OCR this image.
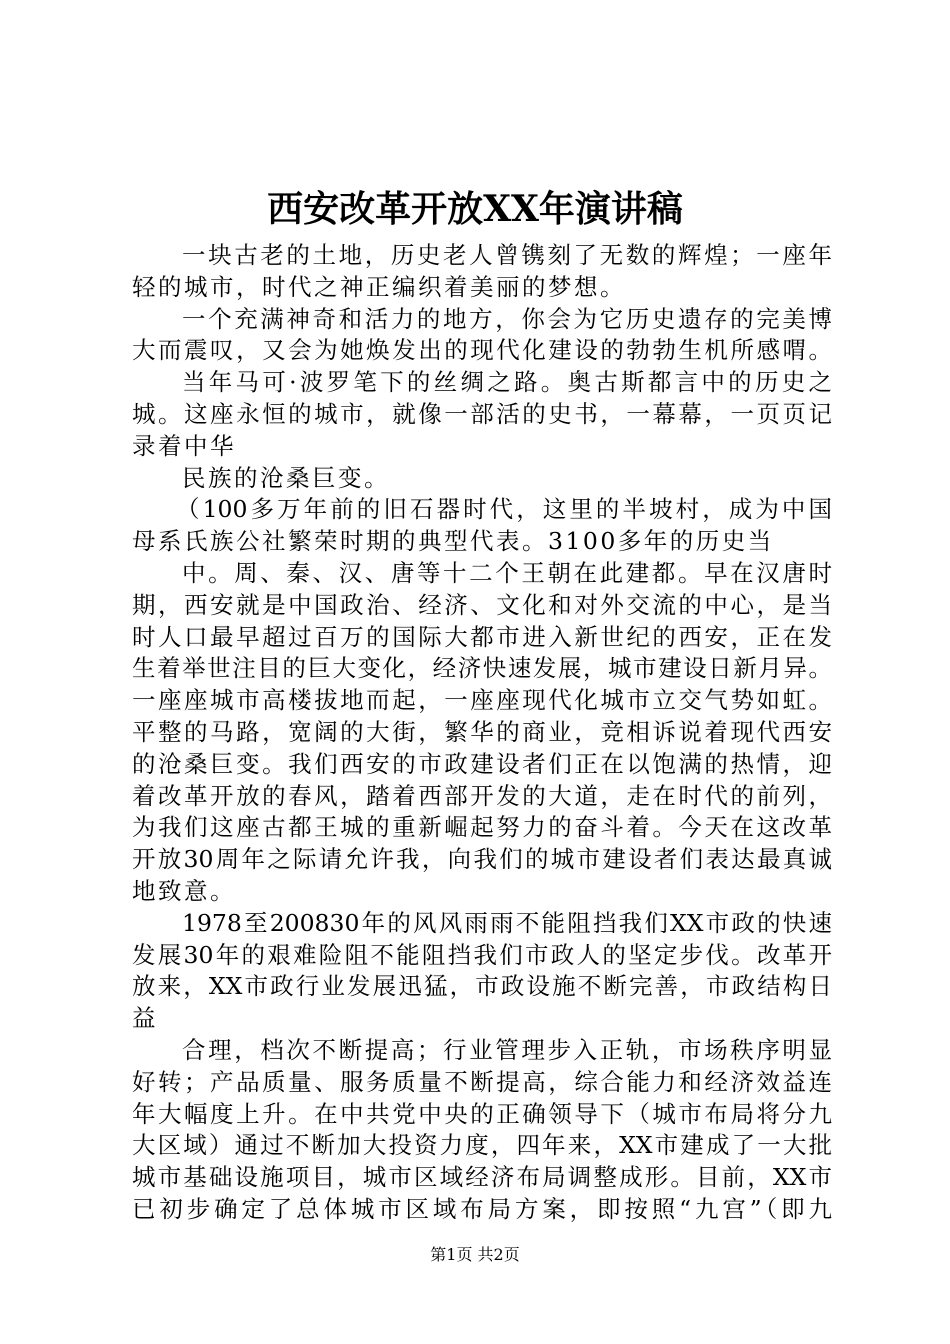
西安改革开放XX年演讲稿
一块古老的土地，历史老人曾镌刻了无数的辉煌；一座年
轻的城市，时代之神正编织着美丽的梦想。
一个充满神奇和活力的地方，你会为它历史遗存的完美博
大而震叹，又会为她焕发出的现代化建设的勃勃生机所感喟。
当年马可·波罗笔下的丝绸之路。奥古斯都言中的历史之
城。这座永恒的城市，就像一部活的史书，一幕幕，一页页记
录着中华
民族的沧桑巨变。
（100多万年前的旧石器时代，这里的半坡村，成为中国
母系氏族公社繁荣时期的典型代表。3100多年的历史当
中。周、秦、汉、唐等十二个王朝在此建都。早在汉唐时
期，西安就是中国政治、经济、文化和对外交流的中心，是当
时人口最早超过百万的国际大都市进入新世纪的西安，正在发
生着举世注目的巨大变化，经济快速发展，城市建设日新月异。
一座座城市高楼拔地而起，一座座现代化城市立交气势如虹。
平整的马路，宽阔的大街，繁华的商业，竞相诉说着现代西安
的沧桑巨变。我们西安的市政建设者们正在以饱满的热情，迎
着改革开放的春风，踏着西部开发的大道，走在时代的前列，
为我们这座古都王城的重新崛起努力的奋斗着。今天在这改革
开放30周年之际请允许我，向我们的城市建设者们表达最真诚
地致意。
1978至200830年的风风雨雨不能阻挡我们XX市政的快速
发展30年的艰难险阻不能阻挡我们市政人的坚定步伐。改革开
放来，XX市政行业发展迅猛，市政设施不断完善，市政结构日
益
合理，档次不断提高；行业管理步入正轨，市场秩序明显
好转；产品质量、服务质量不断提高，综合能力和经济效益连
年大幅度上升。在中共党中央的正确领导下（城市布局将分九
大区域）通过不断加大投资力度，四年来，XX市建成了一大批
城市基础设施项目，城市区域经济布局调整成形。目前，XX市
已初步确定了总体城市区域布局方案，即按照“九宫”（即九
第1页 共2页
